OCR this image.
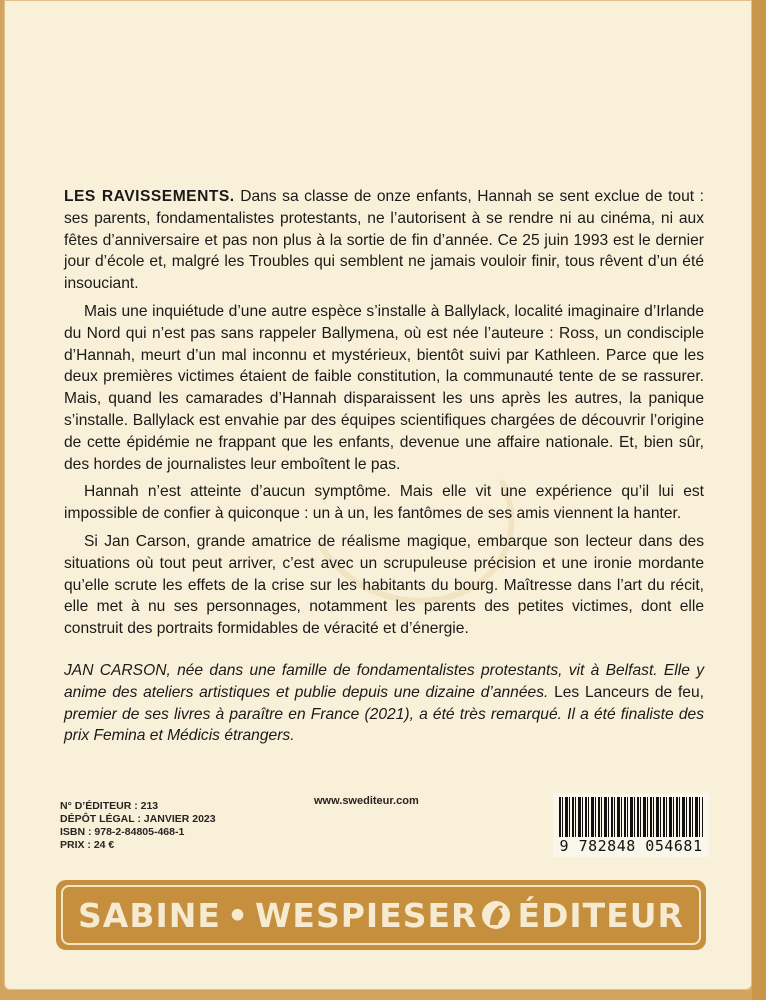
LES RAVISSEMENTS. Dans sa classe de onze enfants, Hannah se sent exclue de tout : ses parents, fondamentalistes protestants, ne l’autorisent à se rendre ni au cinéma, ni aux fêtes d’anniversaire et pas non plus à la sortie de fin d’année. Ce 25 juin 1993 est le dernier jour d’école et, malgré les Troubles qui semblent ne jamais vouloir finir, tous rêvent d’un été insouciant.

Mais une inquiétude d’une autre espèce s’installe à Ballylack, localité imaginaire d’Irlande du Nord qui n’est pas sans rappeler Ballymena, où est née l’auteure : Ross, un condisciple d’Hannah, meurt d’un mal inconnu et mystérieux, bientôt suivi par Kathleen. Parce que les deux premières victimes étaient de faible constitution, la communauté tente de se rassurer. Mais, quand les camarades d’Hannah disparaissent les uns après les autres, la panique s’installe. Ballylack est envahie par des équipes scientifiques chargées de découvrir l’origine de cette épidémie ne frappant que les enfants, devenue une affaire nationale. Et, bien sûr, des hordes de journalistes leur emboîtent le pas.

Hannah n’est atteinte d’aucun symptôme. Mais elle vit une expérience qu’il lui est impossible de confier à quiconque : un à un, les fantômes de ses amis viennent la hanter.

Si Jan Carson, grande amatrice de réalisme magique, embarque son lecteur dans des situations où tout peut arriver, c’est avec un scrupuleuse précision et une ironie mordante qu’elle scrute les effets de la crise sur les habitants du bourg. Maîtresse dans l’art du récit, elle met à nu ses personnages, notamment les parents des petites victimes, dont elle construit des portraits formidables de véracité et d’énergie.

JAN CARSON, née dans une famille de fondamentalistes protestants, vit à Belfast. Elle y anime des ateliers artistiques et publie depuis une dizaine d’années. Les Lanceurs de feu, premier de ses livres à paraître en France (2021), a été très remarqué. Il a été finaliste des prix Femina et Médicis étrangers.

N° D’ÉDITEUR : 213
DÉPÔT LÉGAL : JANVIER 2023
ISBN : 978-2-84805-468-1
PRIX : 24 €
www.swediteur.com
9 782848 054681
SABINE • WESPIESER ÉDITEUR
